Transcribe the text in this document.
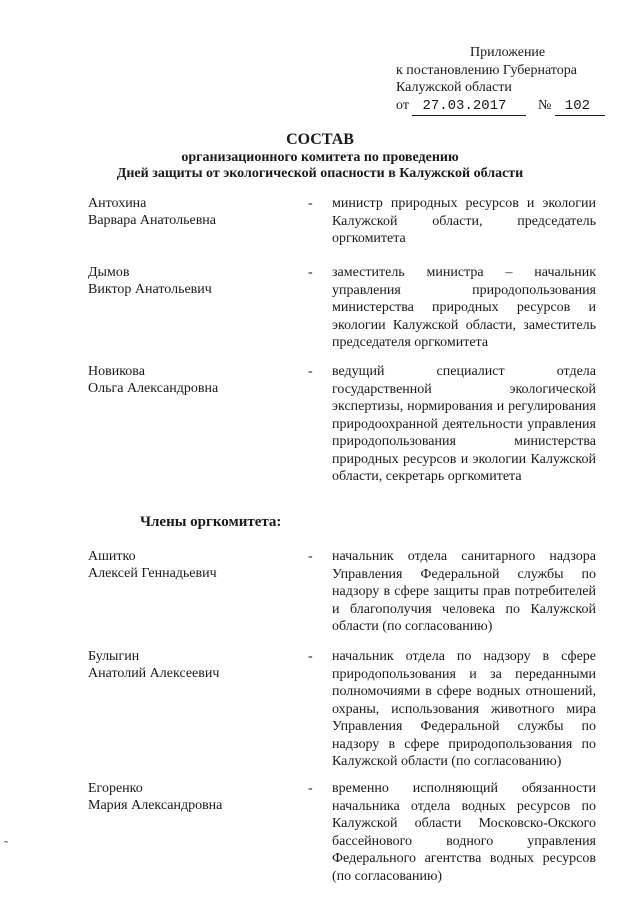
Приложение
к постановлению Губернатора
Калужской области
от 27.03.2017 № 102
СОСТАВ
организационного комитета по проведению
Дней защиты от экологической опасности в Калужской области
Антохина
Варвара Анатольевна
- министр природных ресурсов и экологии Калужской области, председатель оргкомитета
Дымов
Виктор Анатольевич
- заместитель министра – начальник управления природопользования министерства природных ресурсов и экологии Калужской области, заместитель председателя оргкомитета
Новикова
Ольга Александровна
- ведущий специалист отдела государственной экологической экспертизы, нормирования и регулирования природоохранной деятельности управления природопользования министерства природных ресурсов и экологии Калужской области, секретарь оргкомитета
Члены оргкомитета:
Ашитко
Алексей Геннадьевич
- начальник отдела санитарного надзора Управления Федеральной службы по надзору в сфере защиты прав потребителей и благополучия человека по Калужской области (по согласованию)
Булыгин
Анатолий Алексеевич
- начальник отдела по надзору в сфере природопользования и за переданными полномочиями в сфере водных отношений, охраны, использования животного мира Управления Федеральной службы по надзору в сфере природопользования по Калужской области (по согласованию)
Егоренко
Мария Александровна
- временно исполняющий обязанности начальника отдела водных ресурсов по Калужской области Московско-Окского бассейнового водного управления Федерального агентства водных ресурсов (по согласованию)
˜
